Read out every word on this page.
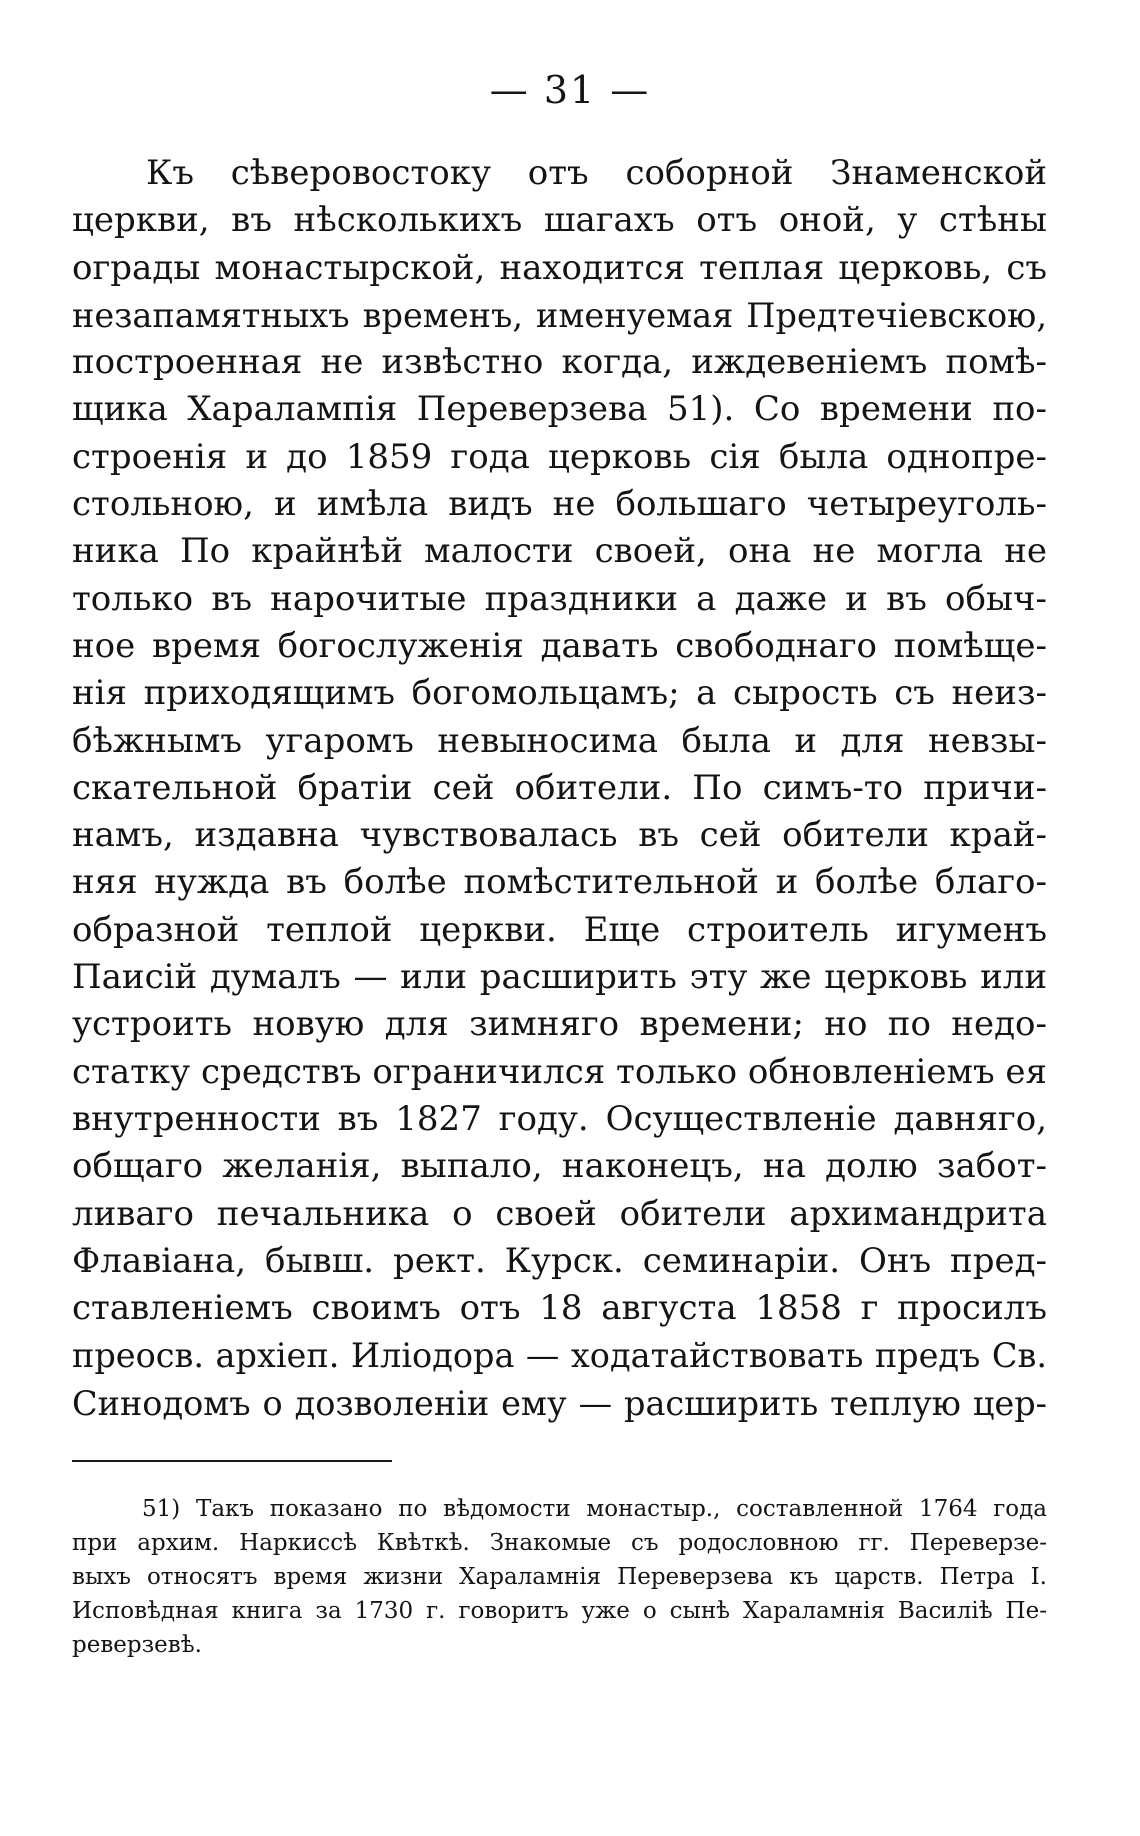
— 31 —
Къ сѣверовостоку отъ соборной Знаменской
церкви, въ нѣсколькихъ шагахъ отъ оной, у стѣны
ограды монастырской, находится теплая церковь, съ
незапамятныхъ временъ, именуемая Предтечіевскою,
построенная не извѣстно когда, иждевеніемъ помѣ-
щика Харалампія Переверзева 51). Со времени по-
строенія и до 1859 года церковь сія была однопре-
стольною, и имѣла видъ не большаго четыреуголь-
ника По крайнѣй малости своей, она не могла не
только въ нарочитые праздники а даже и въ обыч-
ное время богослуженія давать свободнаго помѣще-
нія приходящимъ богомольцамъ; а сырость съ неиз-
бѣжнымъ угаромъ невыносима была и для невзы-
скательной братіи сей обители. По симъ-то причи-
намъ, издавна чувствовалась въ сей обители край-
няя нужда въ болѣе помѣстительной и болѣе благо-
образной теплой церкви. Еще строитель игуменъ
Паисій думалъ — или расширить эту же церковь или
устроить новую для зимняго времени; но по недо-
статку средствъ ограничился только обновленіемъ ея
внутренности въ 1827 году. Осуществленіе давняго,
общаго желанія, выпало, наконецъ, на долю забот-
ливаго печальника о своей обители архимандрита
Флавіана, бывш. рект. Курск. семинаріи. Онъ пред-
ставленіемъ своимъ отъ 18 августа 1858 г просилъ
преосв. архіеп. Иліодора — ходатайствовать предъ Св.
Синодомъ о дозволеніи ему — расширить теплую цер-
51) Такъ показано по вѣдомости монастыр., составленной 1764 года
при архим. Наркиссѣ Квѣткѣ. Знакомые съ родословною гг. Переверзе-
выхъ относятъ время жизни Хараламнія Переверзева къ царств. Петра I.
Исповѣдная книга за 1730 г. говоритъ уже о сынѣ Хараламнія Василіѣ Пе-
реверзевѣ.
